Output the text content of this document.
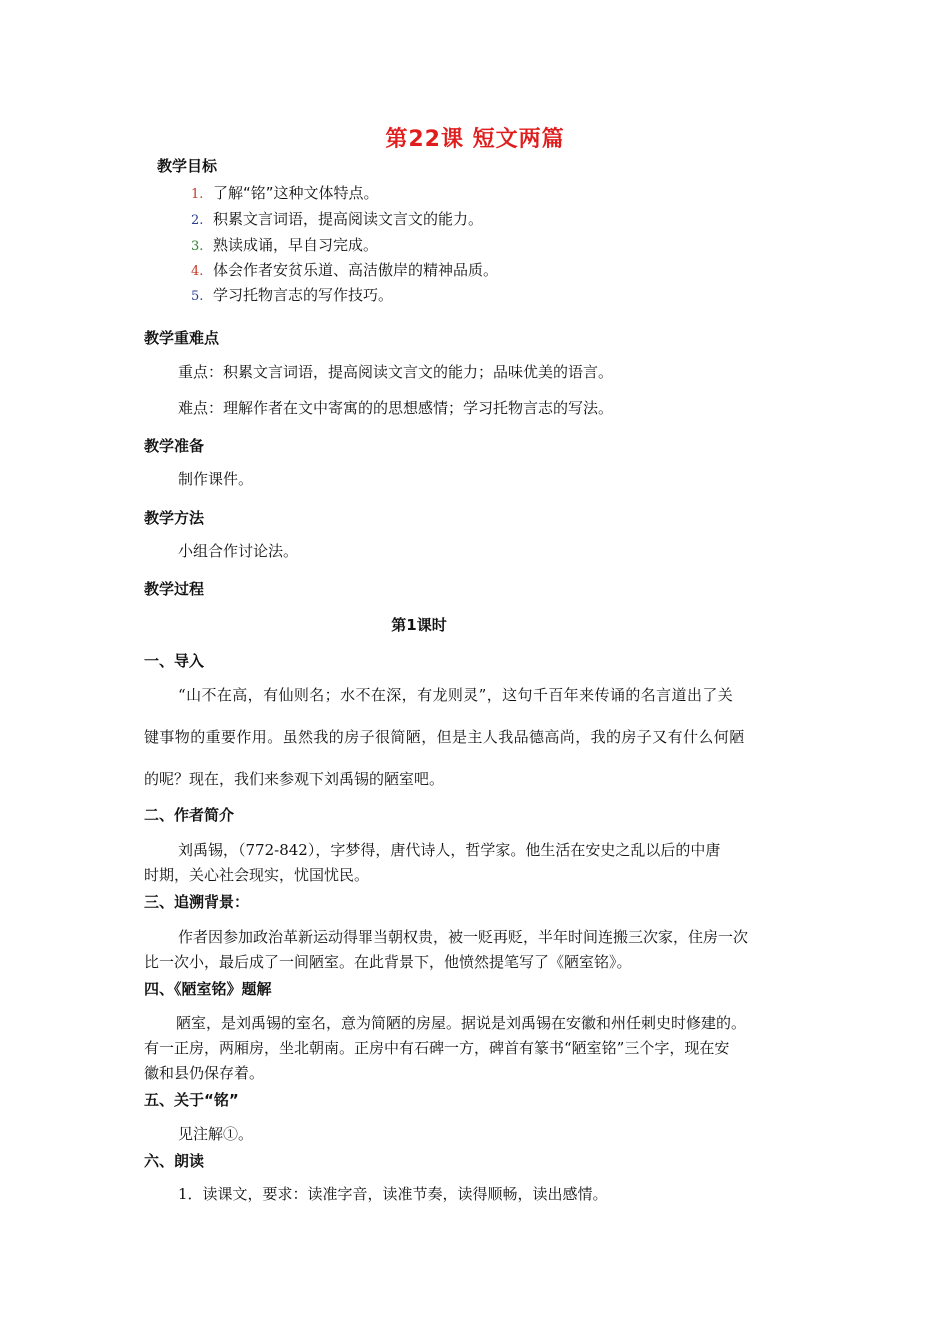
第22课 短文两篇
教学目标
1. 了解“铭”这种文体特点。
2. 积累文言词语，提高阅读文言文的能力。
3. 熟读成诵，早自习完成。
4. 体会作者安贫乐道、高洁傲岸的精神品质。
5. 学习托物言志的写作技巧。
教学重难点
重点：积累文言词语，提高阅读文言文的能力；品味优美的语言。
难点：理解作者在文中寄寓的的思想感情；学习托物言志的写法。
教学准备
制作课件。
教学方法
小组合作讨论法。
教学过程
第1课时
一、导入
“山不在高，有仙则名；水不在深，有龙则灵”，这句千百年来传诵的名言道出了关
键事物的重要作用。虽然我的房子很简陋，但是主人我品德高尚，我的房子又有什么何陋
的呢？现在，我们来参观下刘禹锡的陋室吧。
二、作者简介
刘禹锡，（772-842），字梦得，唐代诗人，哲学家。他生活在安史之乱以后的中唐
时期，关心社会现实，忧国忧民。
三、追溯背景：
作者因参加政治革新运动得罪当朝权贵，被一贬再贬，半年时间连搬三次家，住房一次
比一次小，最后成了一间陋室。在此背景下，他愤然提笔写了《陋室铭》。
四、《陋室铭》题解
陋室，是刘禹锡的室名，意为简陋的房屋。据说是刘禹锡在安徽和州任刺史时修建的。
有一正房，两厢房，坐北朝南。正房中有石碑一方，碑首有篆书“陋室铭”三个字，现在安
徽和县仍保存着。
五、关于“铭”
见注解①。
六、朗读
1．读课文，要求：读准字音，读准节奏，读得顺畅，读出感情。
